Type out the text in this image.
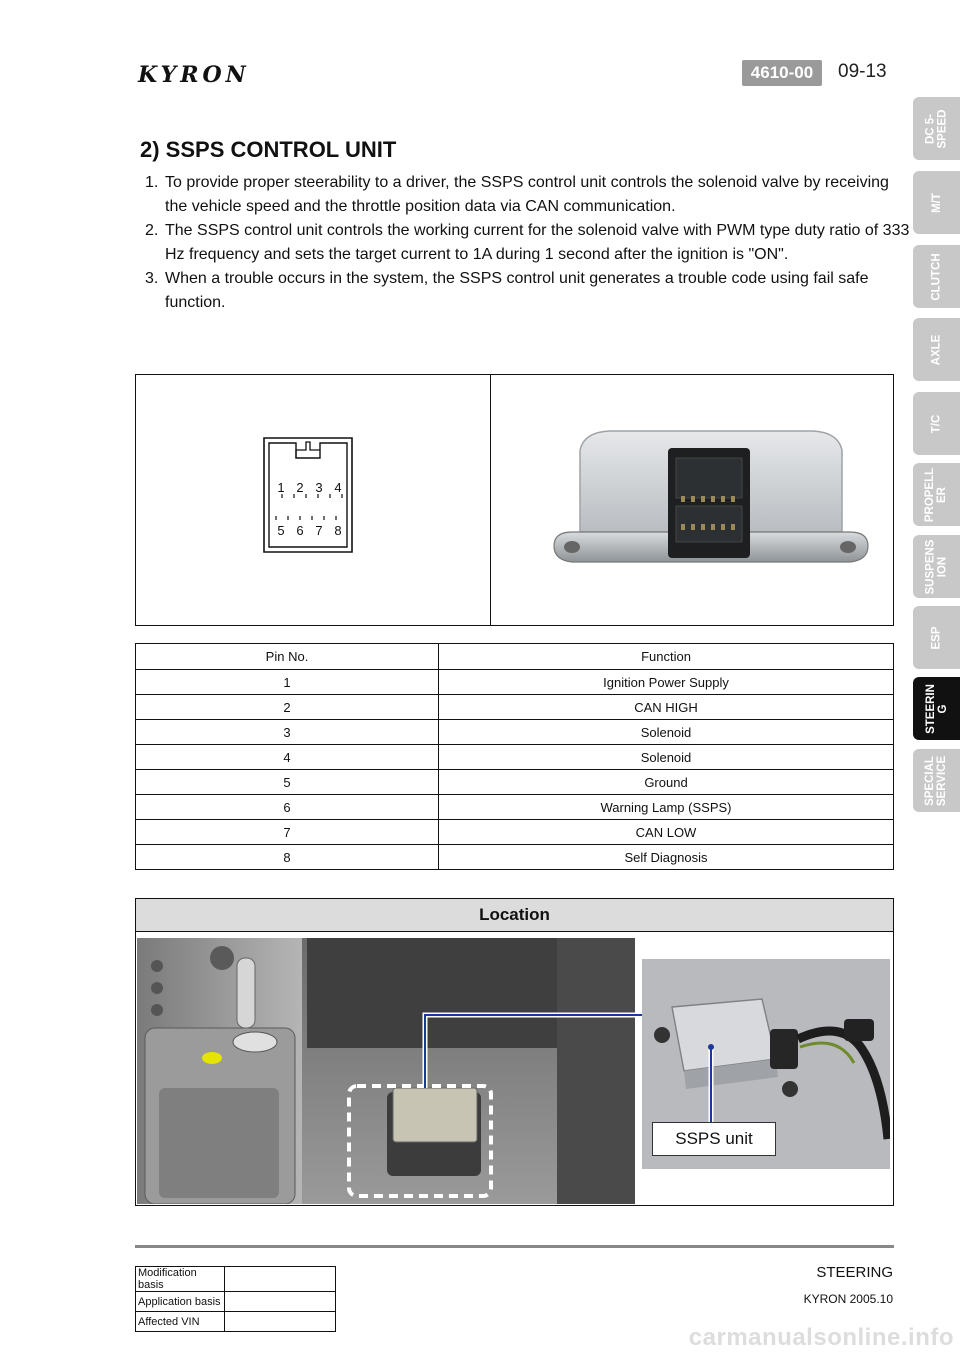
KYRON	4610-00	09-13
DC 5-
SPEED
M/T
CLUTCH
AXLE
T/C
PROPELL
ER
SUSPENS
ION
ESP
STEERIN
G
SPECIAL
SERVICE
2) SSPS CONTROL UNIT
1. To provide proper steerability to a driver, the SSPS control unit controls the solenoid valve by receiving the vehicle speed and the throttle position data via CAN communication.
2. The SSPS control unit controls the working current for the solenoid valve with PWM type duty ratio of 333 Hz frequency and sets the target current to 1A during 1 second after the ignition is "ON".
3. When a trouble occurs in the system, the SSPS control unit generates a trouble code using fail safe function.
1 2 3 4
5 6 7 8
Pin No.	Function
1	Ignition Power Supply
2	CAN HIGH
3	Solenoid
4	Solenoid
5	Ground
6	Warning Lamp (SSPS)
7	CAN LOW
8	Self Diagnosis
Location
SSPS unit
Modification basis	
Application basis	
Affected VIN	
STEERING
KYRON 2005.10
carmanualsonline.info
